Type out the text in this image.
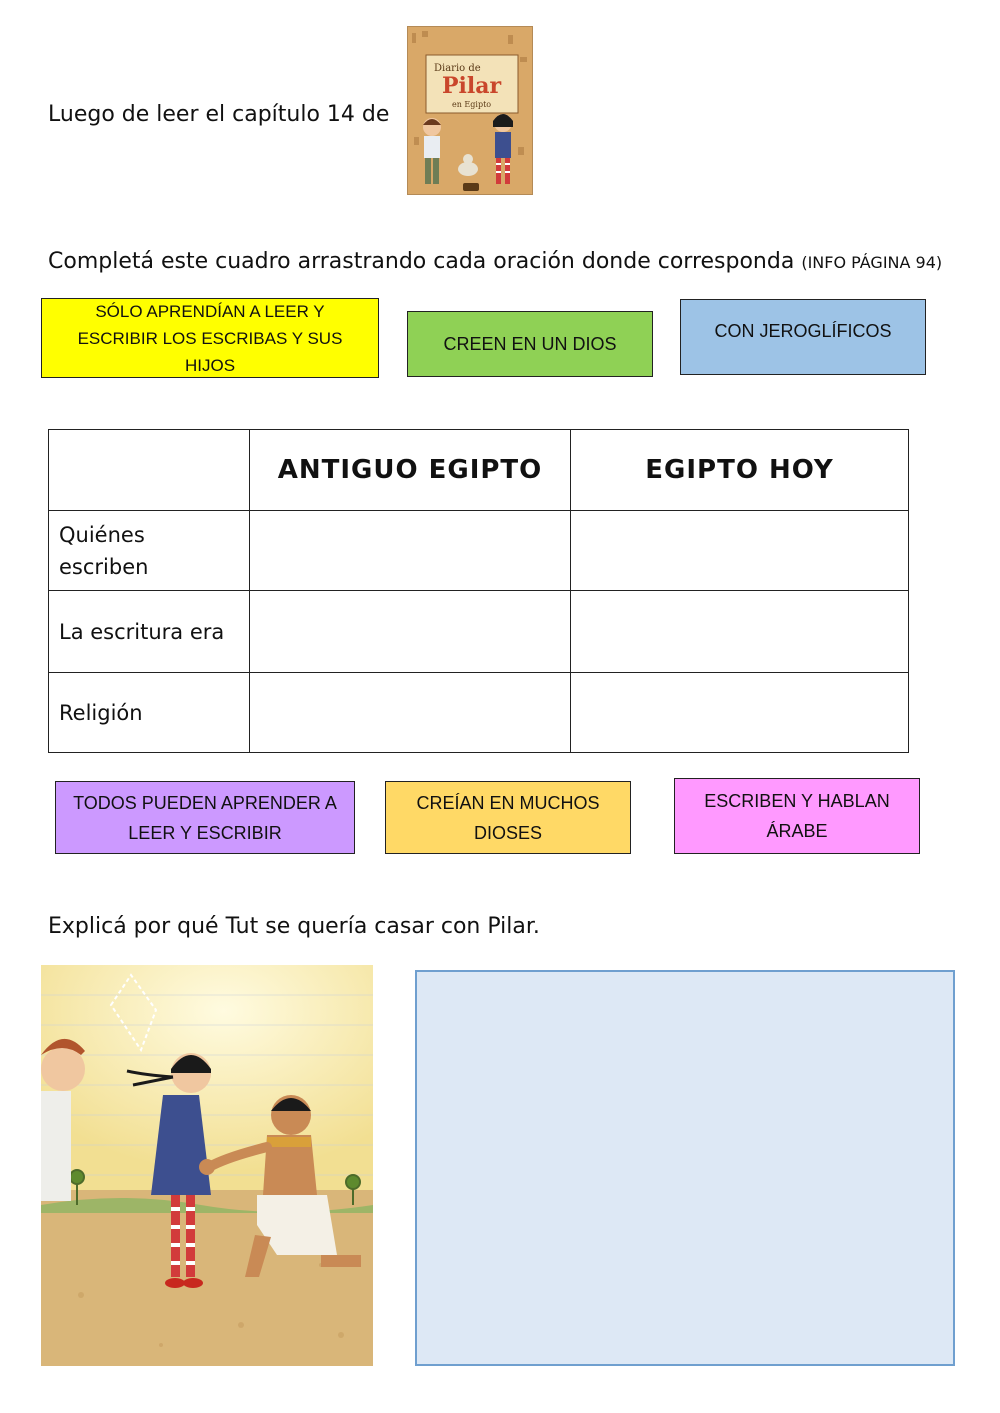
Luego de leer el capítulo 14 de
Diario de
Pilar
en Egipto
Completá este cuadro arrastrando cada oración donde corresponda (INFO PÁGINA 94)
SÓLO APRENDÍAN A LEER Y ESCRIBIR LOS ESCRIBAS Y SUS HIJOS
CREEN EN UN DIOS
CON JEROGLÍFICOS
	ANTIGUO EGIPTO	EGIPTO HOY
Quiénes escriben		
La escritura era		
Religión		
TODOS PUEDEN APRENDER A LEER Y ESCRIBIR
CREÍAN EN MUCHOS DIOSES
ESCRIBEN Y HABLAN ÁRABE
Explicá por qué Tut se quería casar con Pilar.
